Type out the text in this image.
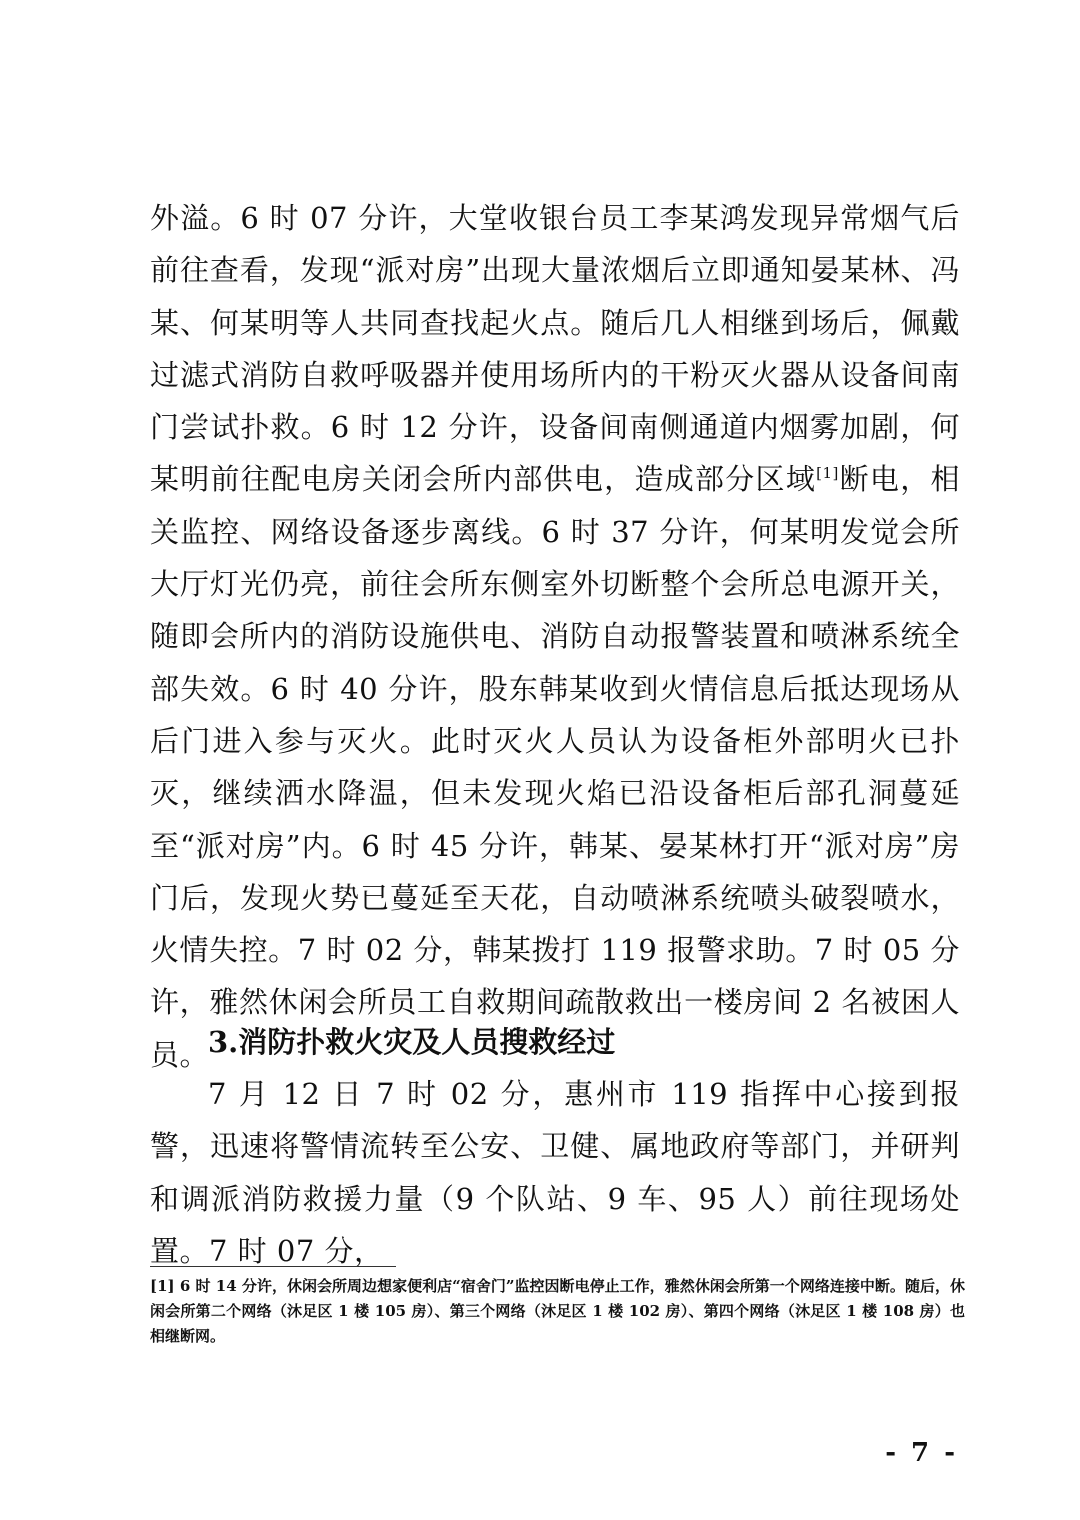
外溢。6 时 07 分许，大堂收银台员工李某鸿发现异常烟气后前往查看，发现“派对房”出现大量浓烟后立即通知晏某林、冯某、何某明等人共同查找起火点。随后几人相继到场后，佩戴过滤式消防自救呼吸器并使用场所内的干粉灭火器从设备间南门尝试扑救。6 时 12 分许，设备间南侧通道内烟雾加剧，何某明前往配电房关闭会所内部供电，造成部分区域[1]断电，相关监控、网络设备逐步离线。6 时 37 分许，何某明发觉会所大厅灯光仍亮，前往会所东侧室外切断整个会所总电源开关，随即会所内的消防设施供电、消防自动报警装置和喷淋系统全部失效。6 时 40 分许，股东韩某收到火情信息后抵达现场从后门进入参与灭火。此时灭火人员认为设备柜外部明火已扑灭，继续洒水降温，但未发现火焰已沿设备柜后部孔洞蔓延至“派对房”内。6 时 45 分许，韩某、晏某林打开“派对房”房门后，发现火势已蔓延至天花，自动喷淋系统喷头破裂喷水，火情失控。7 时 02 分，韩某拨打 119 报警求助。7 时 05 分许，雅然休闲会所员工自救期间疏散救出一楼房间 2 名被困人员。

3.消防扑救火灾及人员搜救经过

7 月 12 日 7 时 02 分，惠州市 119 指挥中心接到报警，迅速将警情流转至公安、卫健、属地政府等部门，并研判和调派消防救援力量（9 个队站、9 车、95 人）前往现场处置。7 时 07 分，

[1] 6 时 14 分许，休闲会所周边想家便利店“宿舍门”监控因断电停止工作，雅然休闲会所第一个网络连接中断。随后，休闲会所第二个网络（沐足区 1 楼 105 房）、第三个网络（沐足区 1 楼 102 房）、第四个网络（沐足区 1 楼 108 房）也相继断网。

- 7 -
